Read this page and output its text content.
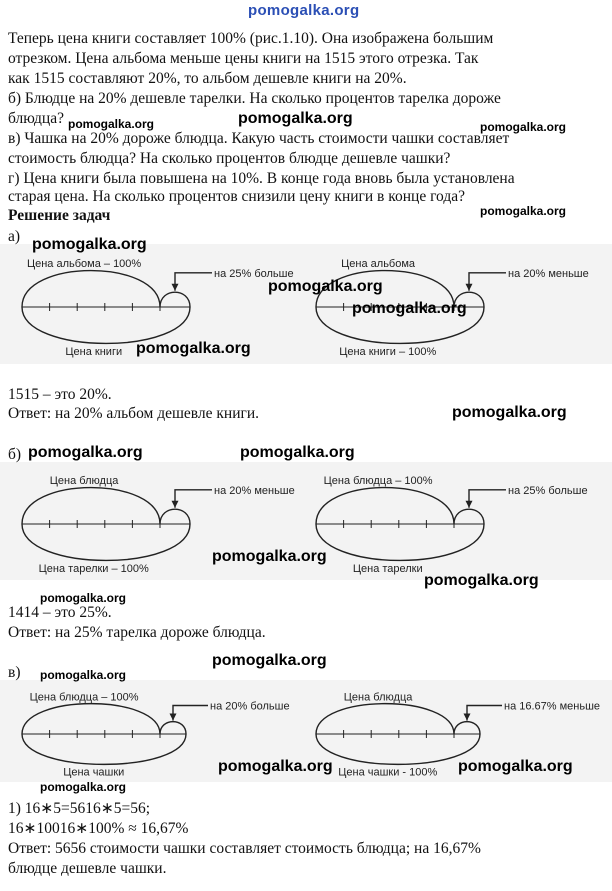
pomogalka.org
Теперь цена книги составляет 100% (рис.1.10). Она изображена большим
отрезком. Цена альбома меньше цены книги на 1515 этого отрезка. Так
как 1515 составляют 20%, то альбом дешевле книги на 20%.
б) Блюдце на 20% дешевле тарелки. На сколько процентов тарелка дороже
блюдца?
в) Чашка на 20% дороже блюдца. Какую часть стоимости чашки составляет
стоимость блюдца? На сколько процентов блюдце дешевле чашки?
г) Цена книги была повышена на 10%. В конце года вновь была установлена
старая цена. На сколько процентов снизили цену книги в конце года?
Решение задач
а)
Цена альбома – 100%
на 25% больше
Цена книги
Цена альбома
на 20% меньше
Цена книги – 100%
Цена блюдца
на 20% меньше
Цена тарелки – 100%
Цена блюдца – 100%
на 25% больше
Цена тарелки
Цена блюдца – 100%
на 20% больше
Цена чашки
Цена блюдца
на 16.67% меньше
Цена чашки - 100%
1515 – это 20%.
Ответ: на 20% альбом дешевле книги.
б)
1414 – это 25%.
Ответ: на 25% тарелка дороже блюдца.
в)
1) 16∗5=5616∗5=56;
16∗10016∗100% ≈ 16,67%
Ответ: 5656 стоимости чашки составляет стоимость блюдца; на 16,67%
блюдце дешевле чашки.
pomogalka.org	pomogalka.org	pomogalka.org
pomogalka.org
pomogalka.org
pomogalka.org
pomogalka.org
pomogalka.org
pomogalka.org
pomogalka.org	pomogalka.org
pomogalka.org
pomogalka.org
pomogalka.org
pomogalka.org
pomogalka.org
pomogalka.org	pomogalka.org
pomogalka.org
